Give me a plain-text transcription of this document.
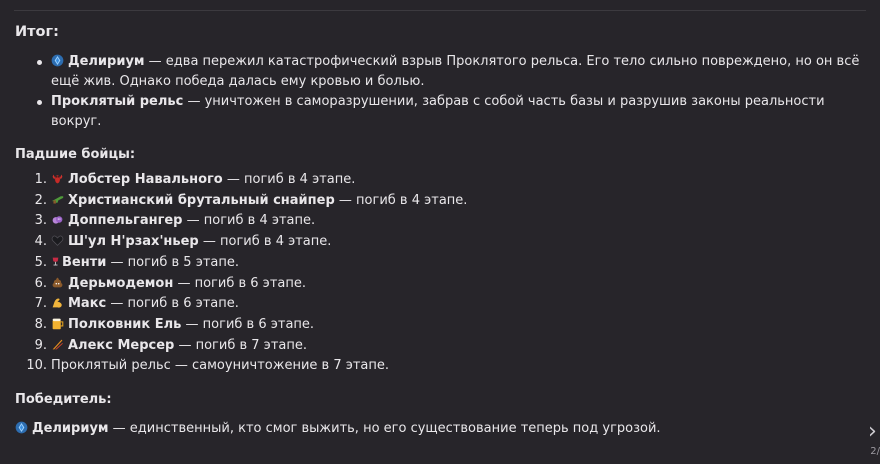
Итог:
Делириум — едва пережил катастрофический взрыв Проклятого рельса. Его тело сильно повреждено, но он всё ещё жив. Однако победа далась ему кровью и болью.
Проклятый рельс — уничтожен в саморазрушении, забрав с собой часть базы и разрушив законы реальности вокруг.
Падшие бойцы:
1. Лобстер Навального — погиб в 4 этапе.
2. Христианский брутальный снайпер — погиб в 4 этапе.
3. Доппельгангер — погиб в 4 этапе.
4. Ш'ул Н'рзах'ньер — погиб в 4 этапе.
5. Венти — погиб в 5 этапе.
6. Дерьмодемон — погиб в 6 этапе.
7. Макс — погиб в 6 этапе.
8. Полковник Ель — погиб в 6 этапе.
9. Алекс Мерсер — погиб в 7 этапе.
10. Проклятый рельс — самоуничтожение в 7 этапе.
Победитель:
Делириум — единственный, кто смог выжить, но его существование теперь под угрозой.	›
2/
